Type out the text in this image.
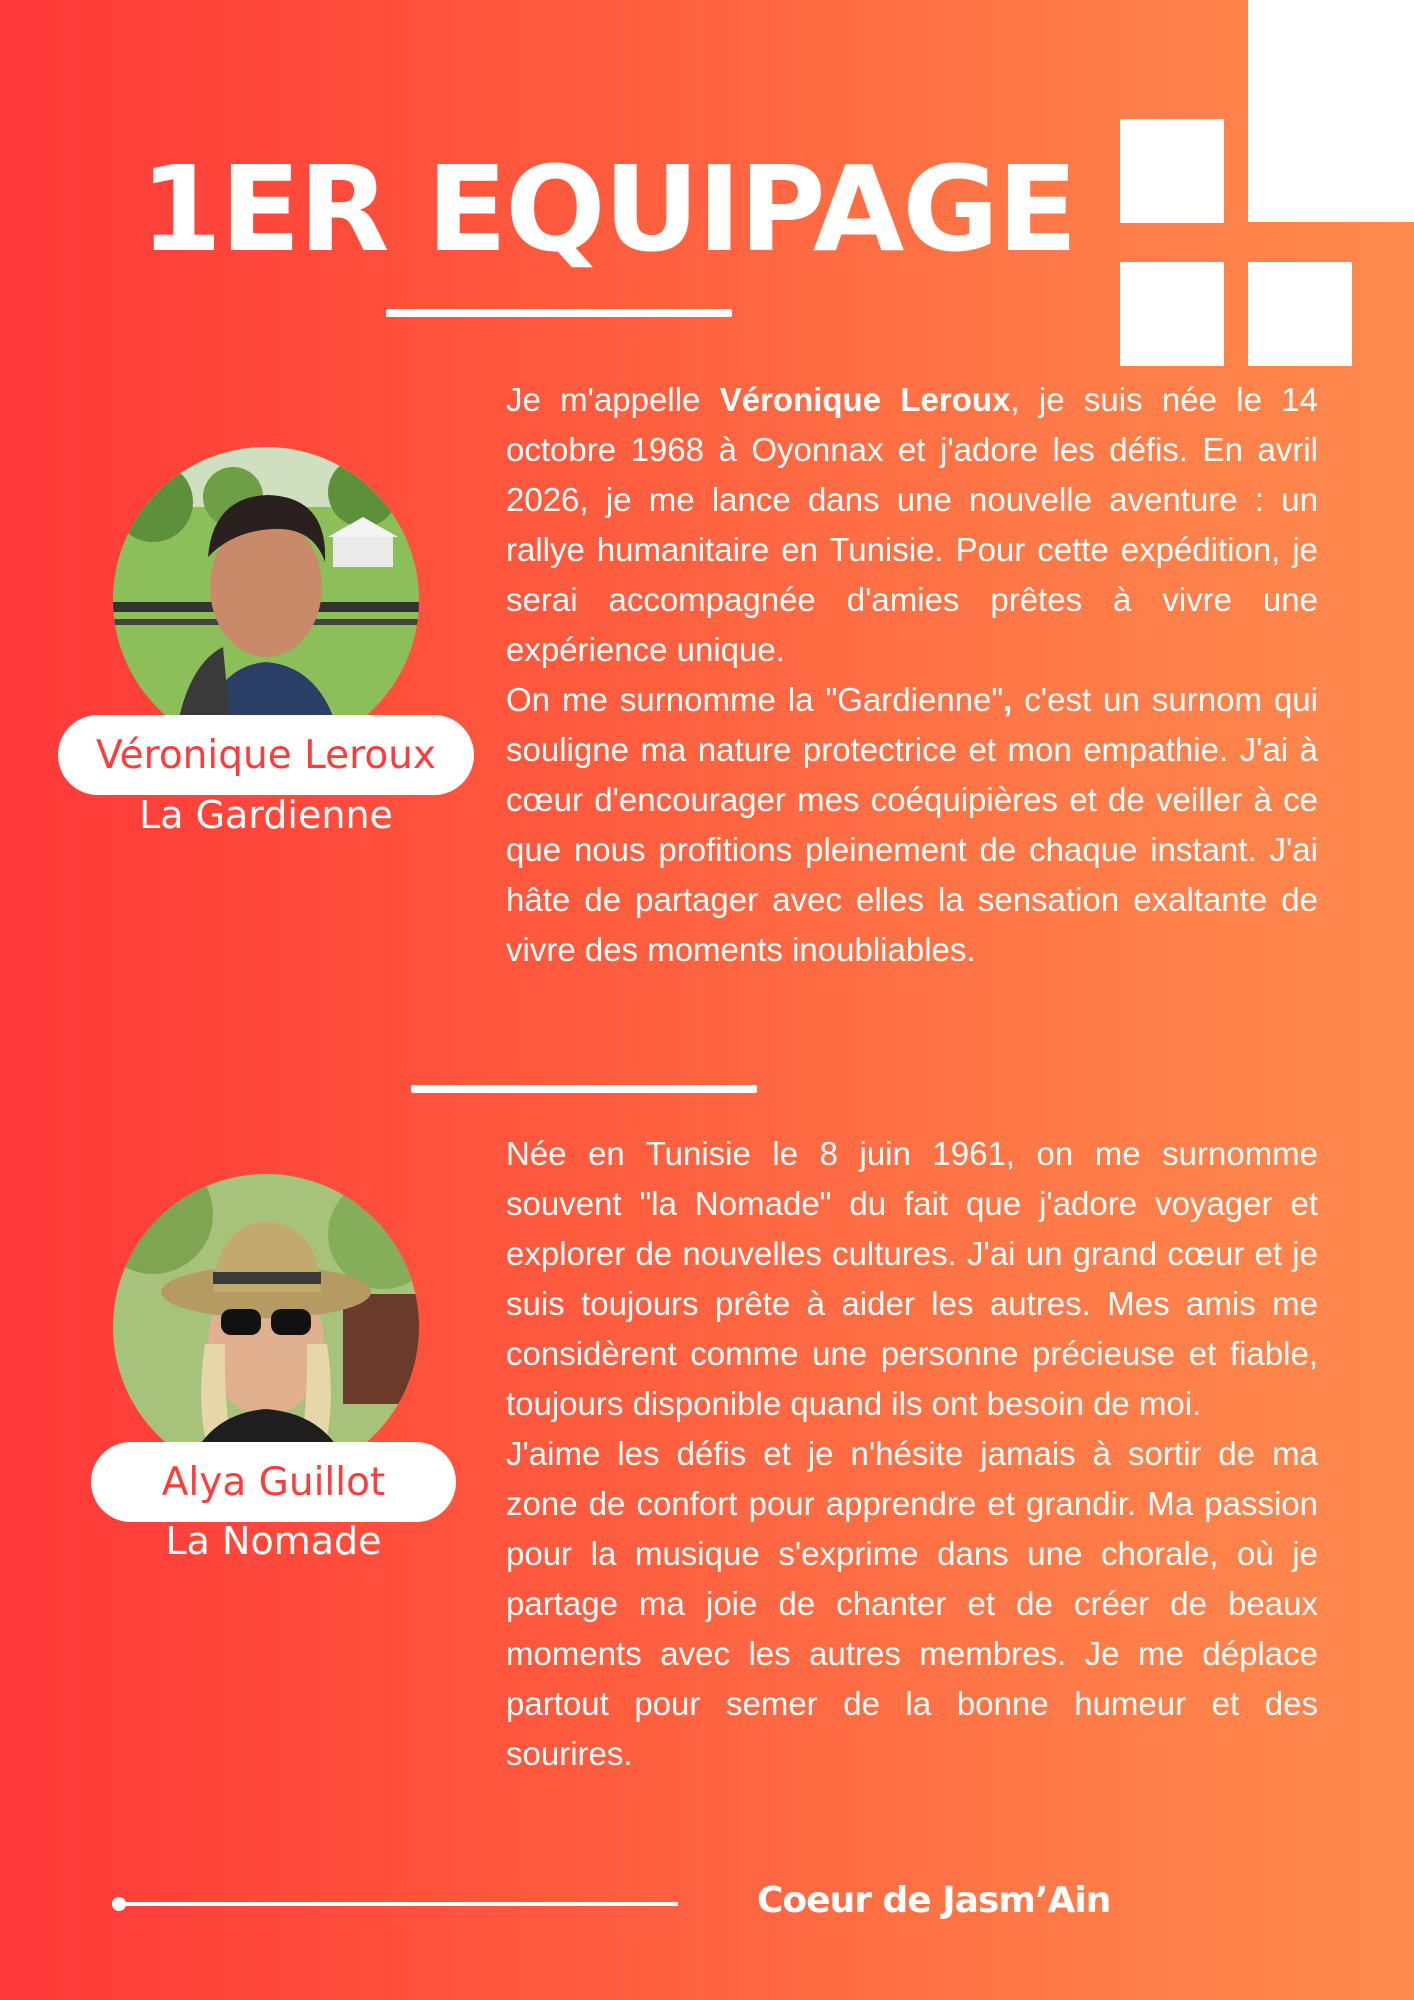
1ER EQUIPAGE
Véronique Leroux
La Gardienne

Je m'appelle Véronique Leroux, je suis née le 14 octobre 1968 à Oyonnax et j'adore les défis. En avril 2026, je me lance dans une nouvelle aventure : un rallye humanitaire en Tunisie. Pour cette expédition, je serai accompagnée d'amies prêtes à vivre une expérience unique.

On me surnomme la "Gardienne", c'est un surnom qui souligne ma nature protectrice et mon empathie. J'ai à cœur d'encourager mes coéquipières et de veiller à ce que nous profitions pleinement de chaque instant. J'ai hâte de partager avec elles la sensation exaltante de vivre des moments inoubliables.

Alya Guillot
La Nomade

Née en Tunisie le 8 juin 1961, on me surnomme souvent "la Nomade" du fait que j'adore voyager et explorer de nouvelles cultures. J'ai un grand cœur et je suis toujours prête à aider les autres. Mes amis me considèrent comme une personne précieuse et fiable, toujours disponible quand ils ont besoin de moi.

J'aime les défis et je n'hésite jamais à sortir de ma zone de confort pour apprendre et grandir. Ma passion pour la musique s'exprime dans une chorale, où je partage ma joie de chanter et de créer de beaux moments avec les autres membres. Je me déplace partout pour semer de la bonne humeur et des sourires.

Coeur de Jasm’Ain
